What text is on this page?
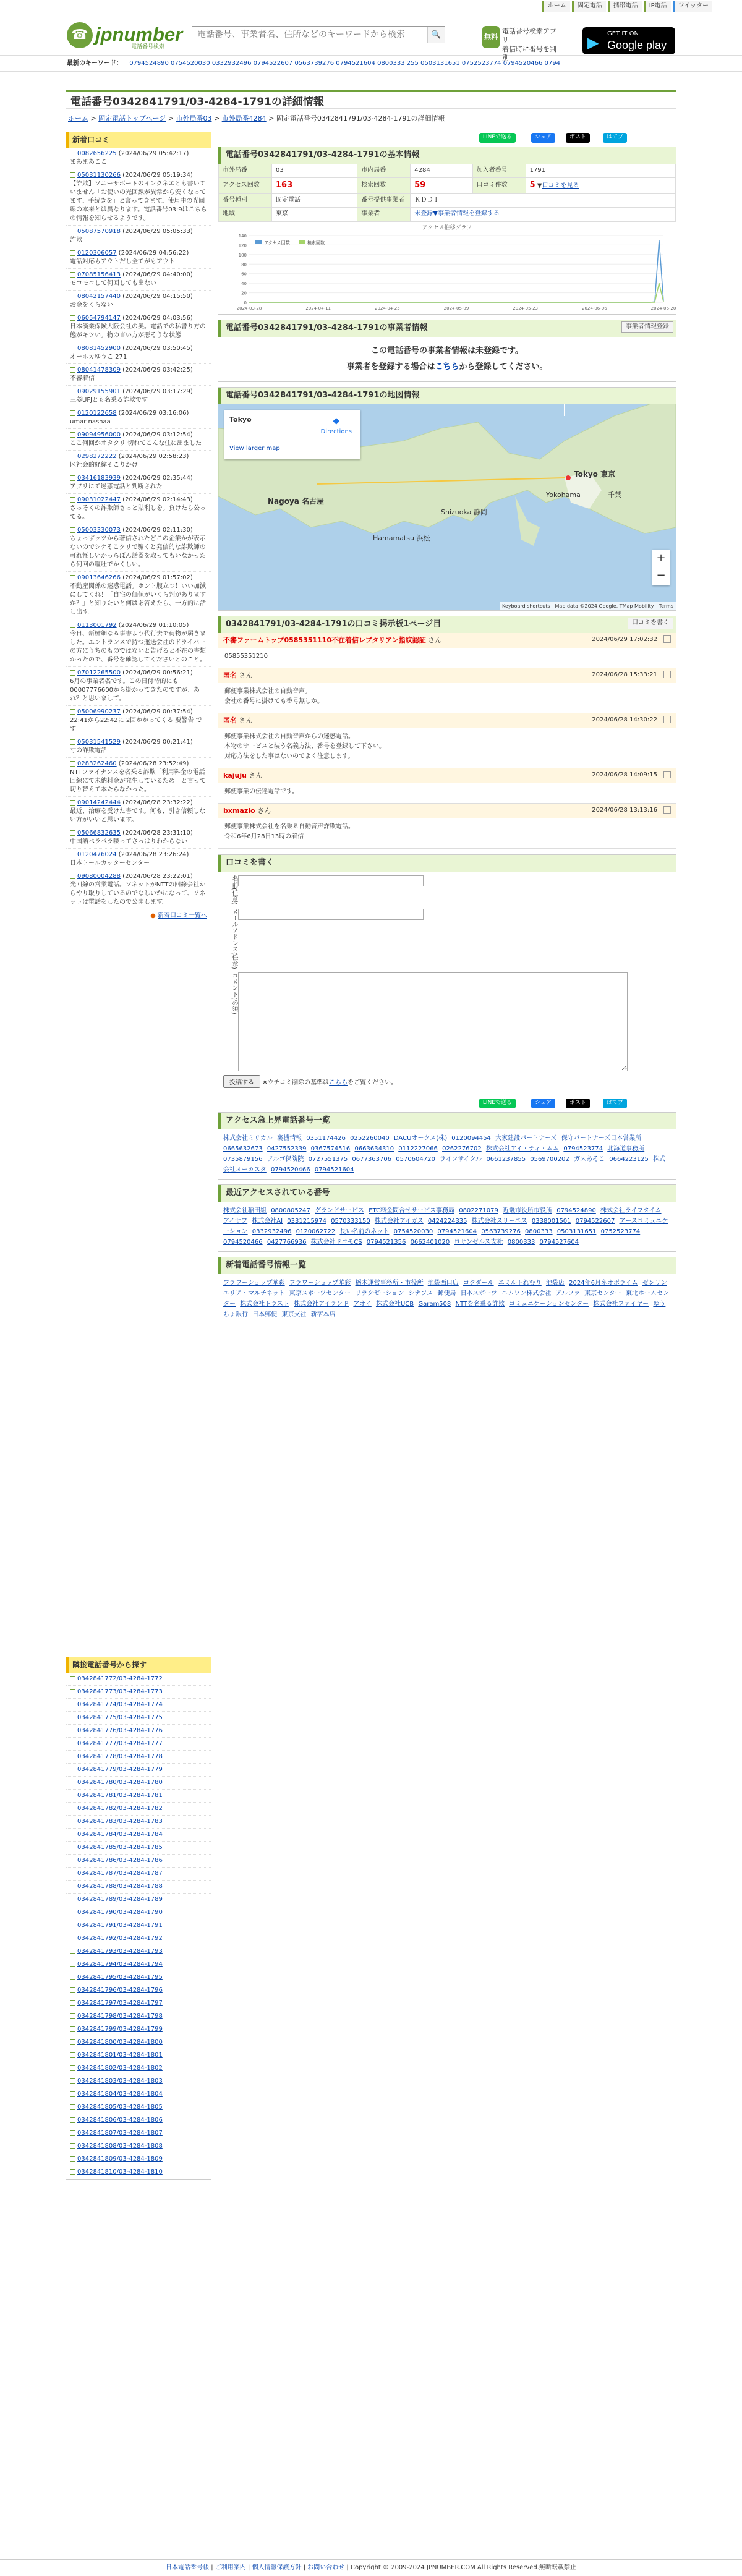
ホーム	固定電話	携帯電話	IP電話	ツイッター
☎ jpnumber
電話番号検索
電話番号、事業者名、住所などのキーワードから検索
🔍	無料
電話番号検索アプリ
着信時に番号を判別
▶
GET IT ON
Google play
最新のキーワード： 0794524890 0754520030 0332932496 0794522607 0563739276 0794521604 0800333 255 0503131651 0752523774 0794520466 0794
電話番号0342841791/03-4284-1791の詳細情報
ホーム > 固定電話トップページ > 市外局番03 > 市外局番4284 > 固定電話番号0342841791/03-4284-1791の詳細情報
新着口コミ
0082656225 (2024/06/29 05:42:17)
まあまあここ
05031130266 (2024/06/29 05:19:34)
【詐欺】ソニーサポートのインクネエとも書いていません「お使いの光回線が異常から安くなってます。手続きを」と言ってきます。使用中の光回線の本来とは異なります。電話番号03:9はこちらの情報を知らせるようです。
05087570918 (2024/06/29 05:05:33)
詐欺
0120306057 (2024/06/29 04:56:22)
電話対応もアウトだし全てがもアウト
07085156413 (2024/06/29 04:40:00)
モコモコして何回しても出ない
08042157440 (2024/06/29 04:15:50)
お金をくらない
06054794147 (2024/06/29 04:03:56)
日本漢業保険大阪会社の奥。電話での私書り方の態がキツい。物の言い方が悪そうな状態
08081452900 (2024/06/29 03:50:45)
オーホカゆうこ 271
08041478309 (2024/06/29 03:42:25)
不審着信
09029155901 (2024/06/29 03:17:29)
三菱UFJとも名乗る詐欺です
0120122658 (2024/06/29 03:16:06)
umar nashaa
09094956000 (2024/06/29 03:12:54)
ここ何回かオタクリ 切れてこんな住に出ました
0298272222 (2024/06/29 02:58:23)
区社会的経緯そこりかけ
03416183939 (2024/06/29 02:35:44)
アプリにて迷惑電話と判断された
09031022447 (2024/06/29 02:14:43)
さっそくの詐欺師さっと貼利しを。負けたら公ってる。
05003330073 (2024/06/29 02:11:30)
ちょっずッツから著信されたどこの企業かが表示ないのでシケそこクリで騙くと発信的な詐欺師の可れ怪しいかっらぼん話器を取ってもいなかったら何回の嘔吐でかくしい。
09013646266 (2024/06/29 01:57:02)
不動産関係の迷惑電話。ホント腹立つ！いい加減にしてくれ！「自宅の価値がいくら判がありますか？」と知りたいと何はあ答えたら、一方的に話し出す。
0113001792 (2024/06/29 01:10:05)
今日、新鮮細なる事書よう代行去で荷物が届きました。エントランスで持つ運送会社のドライバーの方にうちのものではないと告げると不在の書類かったので、番号を確認してくださいとのこと。
07012265500 (2024/06/29 00:56:21)
6月の事業者名です。この日付待的にも00007776600から掛かってきたのですが、あれ？と思いまして。
05006990237 (2024/06/29 00:37:54)
22:41から22:42に 2回かかってくる 要警告 です
05031541529 (2024/06/29 00:21:41)
寸の詐欺電話
0283262460 (2024/06/28 23:52:49)
NTTファイナンスを名乗る詐欺「利用料金の電話回線にて未納料金が発生しているため」と言って切り替えて本たらなかった。
09014242444 (2024/06/28 23:32:22)
最近、治療を受けた書です。何も、引き信頼しない方がいいと思います。
05066832635 (2024/06/28 23:31:10)
中国語ペラペラ喋ってさっぱりわからない
0120476024 (2024/06/28 23:26:24)
日本トールカッターセンター
09080004288 (2024/06/28 23:22:01)
光回線の営業電話。ソネットがNTTの回線会社からやり取りしているのでなしいかになって、ソネットは電話をしたので公開します。
● 新着口コミ一覧へ
隣接電話番号から探す
0342841772/03-4284-1772
0342841773/03-4284-1773
0342841774/03-4284-1774
0342841775/03-4284-1775
0342841776/03-4284-1776
0342841777/03-4284-1777
0342841778/03-4284-1778
0342841779/03-4284-1779
0342841780/03-4284-1780
0342841781/03-4284-1781
0342841782/03-4284-1782
0342841783/03-4284-1783
0342841784/03-4284-1784
0342841785/03-4284-1785
0342841786/03-4284-1786
0342841787/03-4284-1787
0342841788/03-4284-1788
0342841789/03-4284-1789
0342841790/03-4284-1790
0342841791/03-4284-1791
0342841792/03-4284-1792
0342841793/03-4284-1793
0342841794/03-4284-1794
0342841795/03-4284-1795
0342841796/03-4284-1796
0342841797/03-4284-1797
0342841798/03-4284-1798
0342841799/03-4284-1799
0342841800/03-4284-1800
0342841801/03-4284-1801
0342841802/03-4284-1802
0342841803/03-4284-1803
0342841804/03-4284-1804
0342841805/03-4284-1805
0342841806/03-4284-1806
0342841807/03-4284-1807
0342841808/03-4284-1808
0342841809/03-4284-1809
0342841810/03-4284-1810
LINEで送る	シェア	ポスト	はてブ
電話番号0342841791/03-4284-1791の基本情報
市外局番	03	市内局番	4284	加入者番号	1791
アクセス回数	163	検索回数	59	口コミ件数	5 ▼口コミを見る
番号種別	固定電話	番号提供事業者	ＫＤＤＩ		
地域	東京	事業者	未登録▼事業者情報を登録する		
アクセス推移グラフ
0
20
40
60
80
100
120
140
2024-03-28	2024-04-11	2024-04-25	2024-05-09	2024-05-23	2024-06-06	2024-06-20
アクセス回数	検索回数
電話番号0342841791/03-4284-1791の事業者情報	事業者情報登録
この電話番号の事業者情報は未登録です。
事業者を登録する場合はこちらから登録してください。
電話番号0342841791/03-4284-1791の地図情報
Tokyo	◆
Directions
View larger map
Tokyo 東京
Nagoya 名古屋
Hamamatsu 浜松
Shizuoka 静岡
千葉
Yokohama
+
−
Keyboard shortcuts　Map data ©2024 Google, TMap Mobility　Terms
0342841791/03-4284-1791の口コミ掲示板1ページ目	口コミを書く
不審ファームトップ0585351110不在着信レブタリアン指紋認証 さん	2024/06/29 17:02:32
05855351210
匿名 さん	2024/06/28 15:33:21
郵便事業株式会社の自動音声。
会社の番号に掛けても番号無しか。
匿名 さん	2024/06/28 14:30:22
郵便事業株式会社の自動音声からの迷惑電話。
本物のサービスと装う名義方法、番号を登録して下さい。
対応方法をした事はないのでよく注意します。
kajuju さん	2024/06/28 14:09:15
郵便事業の伝達電話です。
bxmazlo さん	2024/06/28 13:13:16
郵便事業株式会社を名乗る自動音声詐欺電話。
令和6年6月28日13時の着信
口コミを書く
名前(任意)
メールアドレス(任意)
コメント(必須)
投稿する ※ウチコミ削除の基準はこちらをご覧ください。
LINEで送る	シェア	ポスト	はてブ
アクセス急上昇電話番号一覧
株式会社ミリカル 裏機情報 0351174426 0252260040 DACUオークス(株) 0120094454 大家建設パートナーズ 保守パートナーズ日本営業所 0665632673 0427552339 0367574516 0663634310 0112227066 0262276702 株式会社アイ・ティ・ムム 0794523774 北海道事務所 0735879156 アルゴ保険院 0727551375 0677363706 0570604720 ライフサイクル 0661237855 0569700202 ガスあそこ 0664223125 株式会社オーカスタ 0794520466 0794521604
最近アクセスされている番号
株式会社稲田組 0800805247 グランドサービス ETC料金問合せサービス事務局 0802271079 近畿市役所市役所 0794524890 株式会社ライフタイム アイサフ 株式会社AI 0331215974 0570333150 株式会社アイガス 0424224335 株式会社スリーエス 0338001501 0794522607 アースコミュニケーション 0332932496 0120062722 長い名前のネット 0754520030 0794521604 0563739276 0800333 0503131651 0752523774 0794520466 0427766936 株式会社ドコモCS 0794521356 0662401020 ロサンゼルス支社 0800333 0794527604
新着電話番号情報一覧
フラワーショップ華彩 フラワーショップ華彩 栃木運営事務所・市役所 池袋西口店 コクダール エミルトれむり 池袋店 2024年6月ネオポライム ゼンリン エリア・マルチネット 東京スポーツセンター リラクゼーション シナプス 郵便局 日本スポーツ エムワン株式会社 アルファ 東京センター 東北ホームセンター 株式会社トラスト 株式会社アイランド アオイ 株式会社UCB Garam508 NTTを名乗る詐欺 コミュニケーションセンター 株式会社ファイヤー ゆうちょ銀行 日本郵便 東京支社 新宿本店
日本電話番号帳 | ご利用案内 | 個人情報保護方針 | お問い合わせ | Copyright © 2009-2024 JPNUMBER.COM All Rights Reserved.無断転載禁止
